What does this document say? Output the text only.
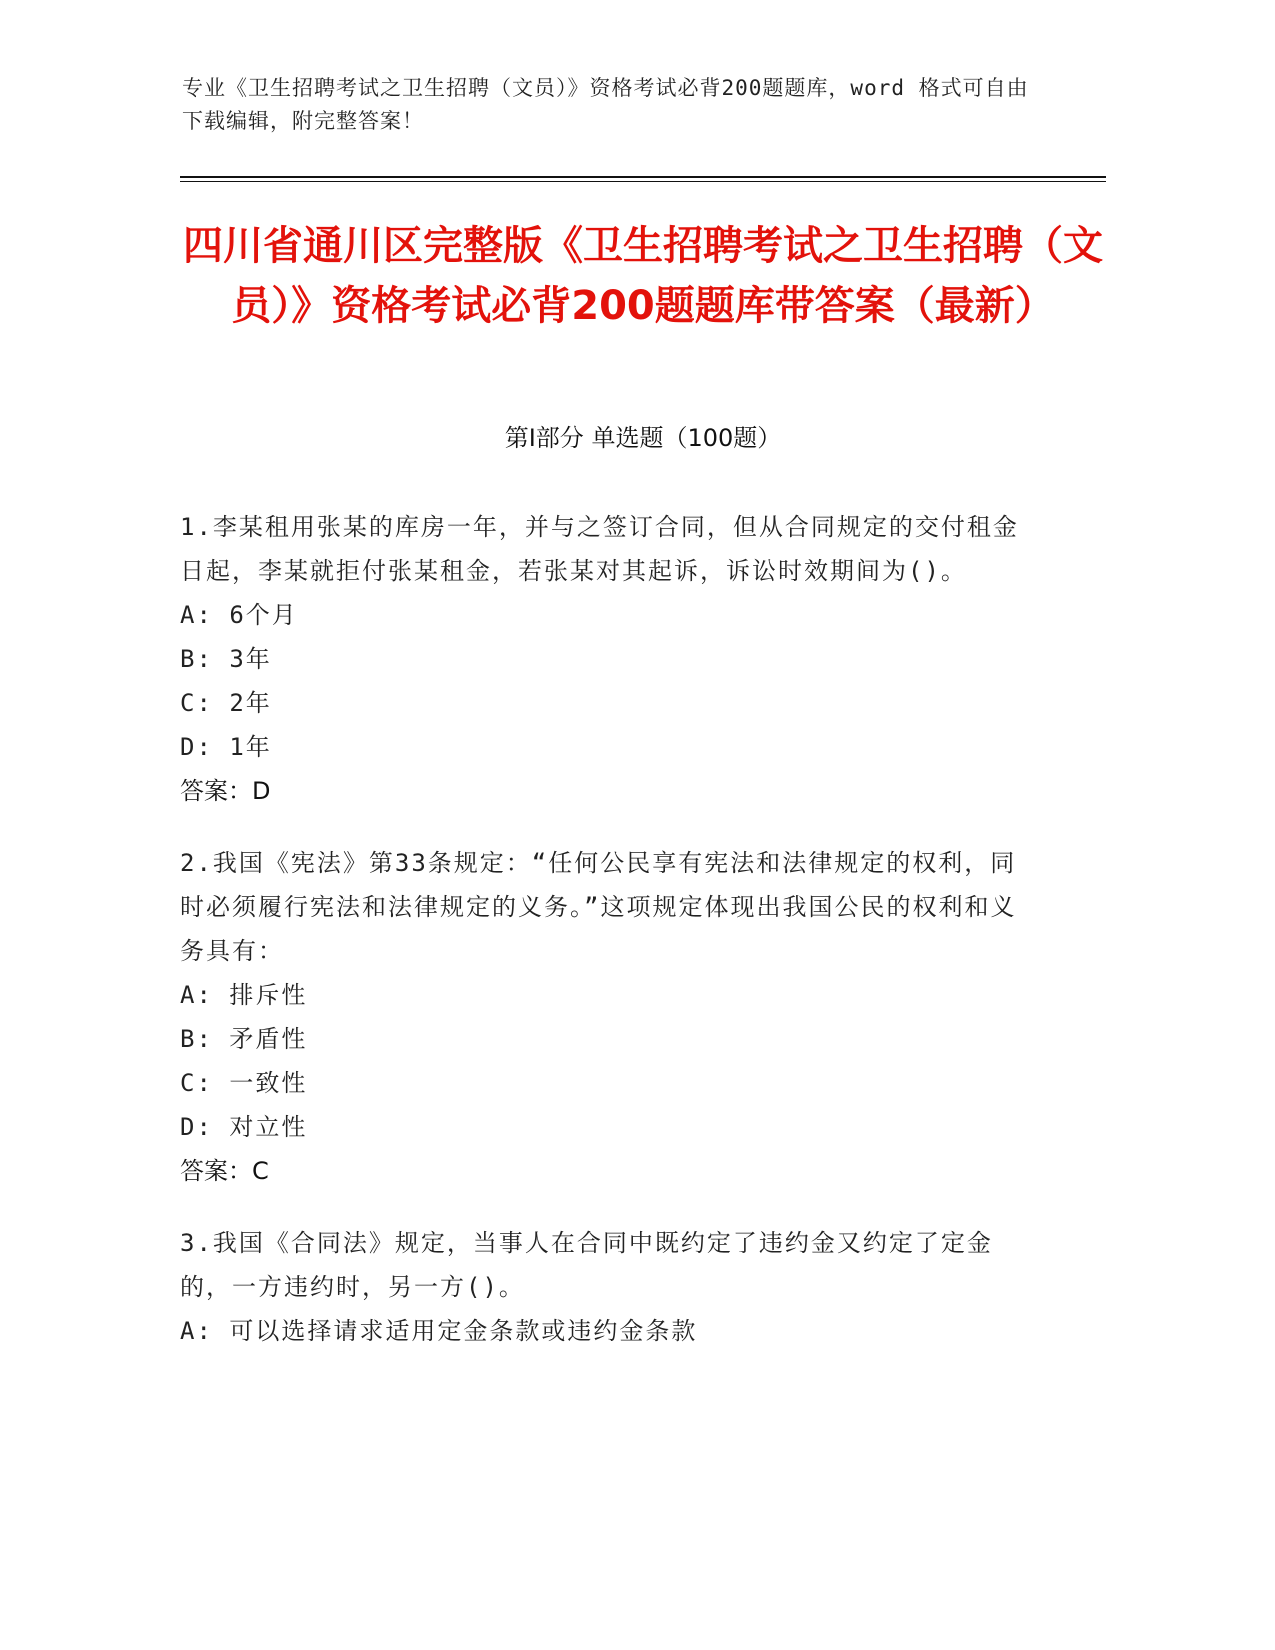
专业《卫生招聘考试之卫生招聘（文员）》资格考试必背200题题库，word 格式可自由下载编辑，附完整答案！
四川省通川区完整版《卫生招聘考试之卫生招聘（文员）》资格考试必背200题题库带答案（最新）
第Ⅰ部分 单选题（100题）

1.李某租用张某的库房一年，并与之签订合同，但从合同规定的交付租金日起，李某就拒付张某租金，若张某对其起诉，诉讼时效期间为()。

A: 6个月

B: 3年

C: 2年

D: 1年

答案：D

2.我国《宪法》第33条规定：“任何公民享有宪法和法律规定的权利，同时必须履行宪法和法律规定的义务。”这项规定体现出我国公民的权利和义务具有：

A: 排斥性

B: 矛盾性

C: 一致性

D: 对立性

答案：C

3.我国《合同法》规定，当事人在合同中既约定了违约金又约定了定金的，一方违约时，另一方()。

A: 可以选择请求适用定金条款或违约金条款
